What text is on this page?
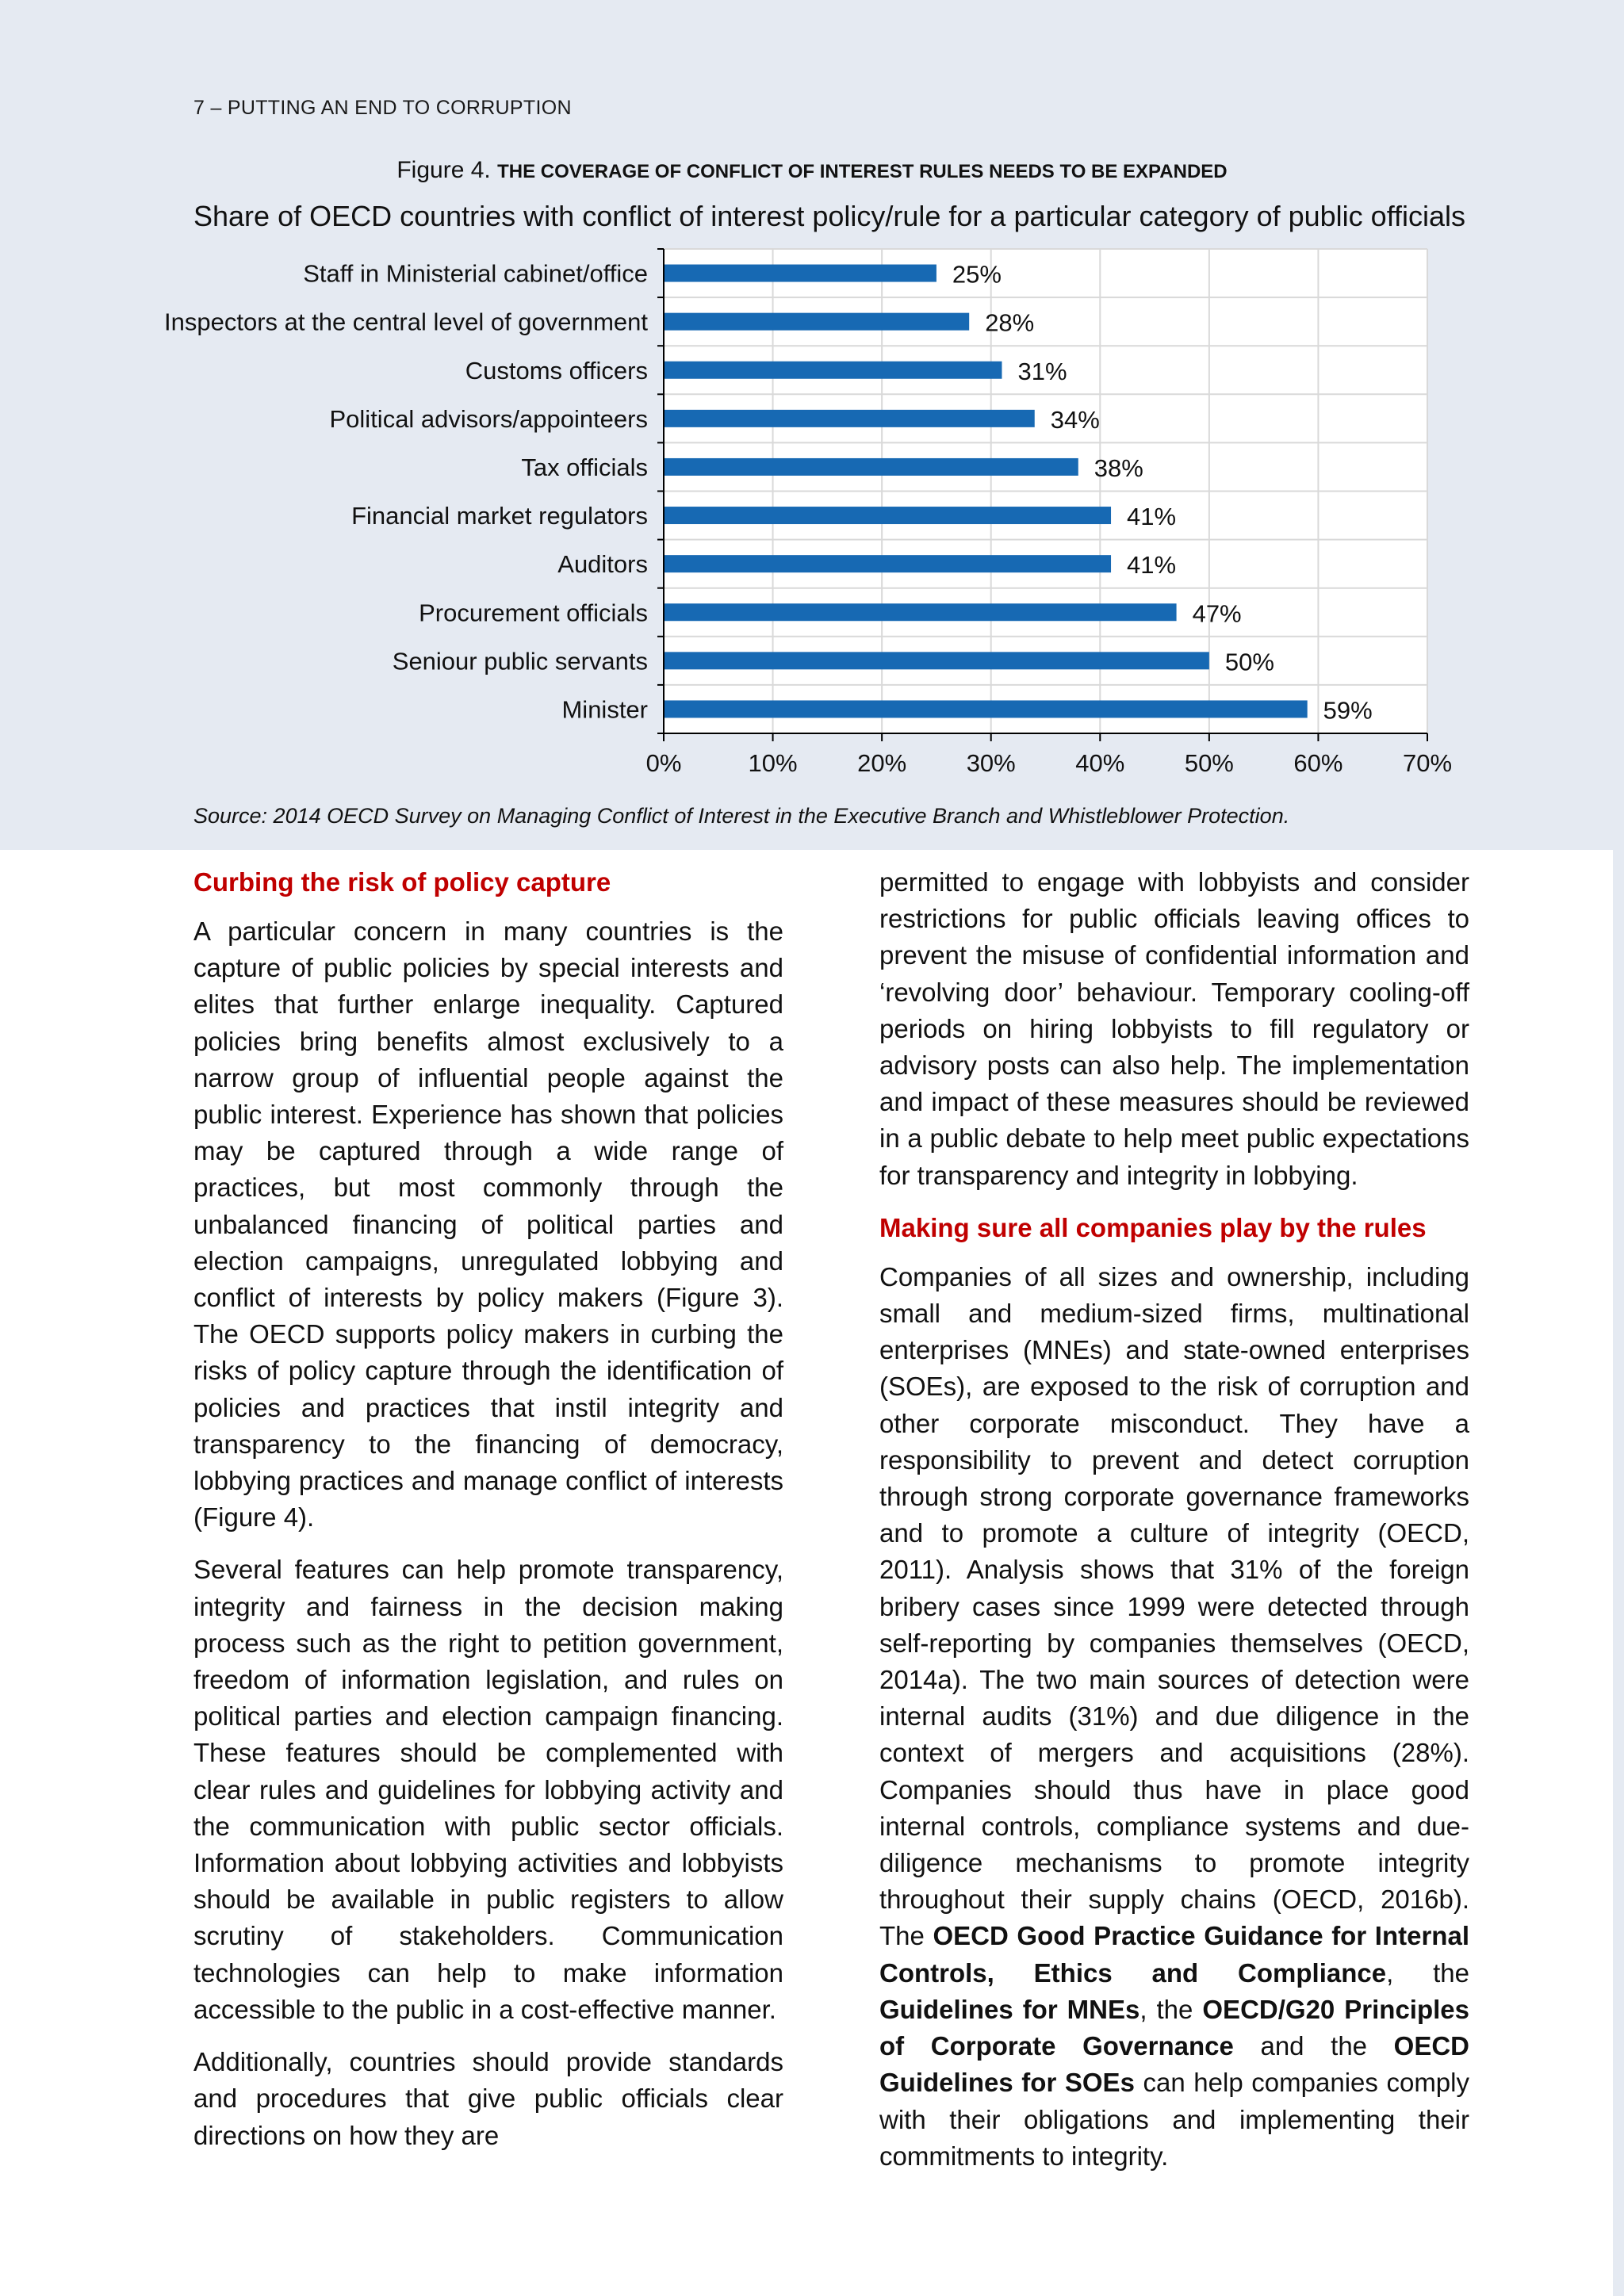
7 – PUTTING AN END TO CORRUPTION
Figure 4. THE COVERAGE OF CONFLICT OF INTEREST RULES NEEDS TO BE EXPANDED
Share of OECD countries with conflict of interest policy/rule for a particular category of public officials
25%
Staff in Ministerial cabinet/office
28%
Inspectors at the central level of government
31%
Customs officers
34%
Political advisors/appointeers
38%
Tax officials
41%
Financial market regulators
41%
Auditors
47%
Procurement officials
50%
Seniour public servants
59%
Minister
0%	10% 20% 30% 40% 50% 60% 70%
Source: 2014 OECD Survey on Managing Conflict of Interest in the Executive Branch and Whistleblower Protection.
Curbing the risk of policy capture

A particular concern in many countries is the capture of public policies by special interests and elites that further enlarge inequality. Captured policies bring benefits almost exclusively to a narrow group of influential people against the public interest. Experience has shown that policies may be captured through a wide range of practices, but most commonly through the unbalanced financing of political parties and election campaigns, unregulated lobbying and conflict of interests by policy makers (Figure 3). The OECD supports policy makers in curbing the risks of policy capture through the identification of policies and practices that instil integrity and transparency to the financing of democracy, lobbying practices and manage conflict of interests (Figure 4).

Several features can help promote transparency, integrity and fairness in the decision making process such as the right to petition government, freedom of information legislation, and rules on political parties and election campaign financing. These features should be complemented with clear rules and guidelines for lobbying activity and the communication with public sector officials. Information about lobbying activities and lobbyists should be available in public registers to allow scrutiny of stakeholders. Communication technologies can help to make information accessible to the public in a cost-effective manner.

Additionally, countries should provide standards and procedures that give public officials clear directions on how they are

permitted to engage with lobbyists and consider restrictions for public officials leaving offices to prevent the misuse of confidential information and ‘revolving door’ behaviour. Temporary cooling-off periods on hiring lobbyists to fill regulatory or advisory posts can also help. The implementation and impact of these measures should be reviewed in a public debate to help meet public expectations for transparency and integrity in lobbying.

Making sure all companies play by the rules

Companies of all sizes and ownership, including small and medium-sized firms, multinational enterprises (MNEs) and state-owned enterprises (SOEs), are exposed to the risk of corruption and other corporate misconduct. They have a responsibility to prevent and detect corruption through strong corporate governance frameworks and to promote a culture of integrity (OECD, 2011). Analysis shows that 31% of the foreign bribery cases since 1999 were detected through self-reporting by companies themselves (OECD, 2014a). The two main sources of detection were internal audits (31%) and due diligence in the context of mergers and acquisitions (28%). Companies should thus have in place good internal controls, compliance systems and due-diligence mechanisms to promote integrity throughout their supply chains (OECD, 2016b). The OECD Good Practice Guidance for Internal Controls, Ethics and Compliance, the Guidelines for MNEs, the OECD/G20 Principles of Corporate Governance and the OECD Guidelines for SOEs can help companies comply with their obligations and implementing their commitments to integrity.
